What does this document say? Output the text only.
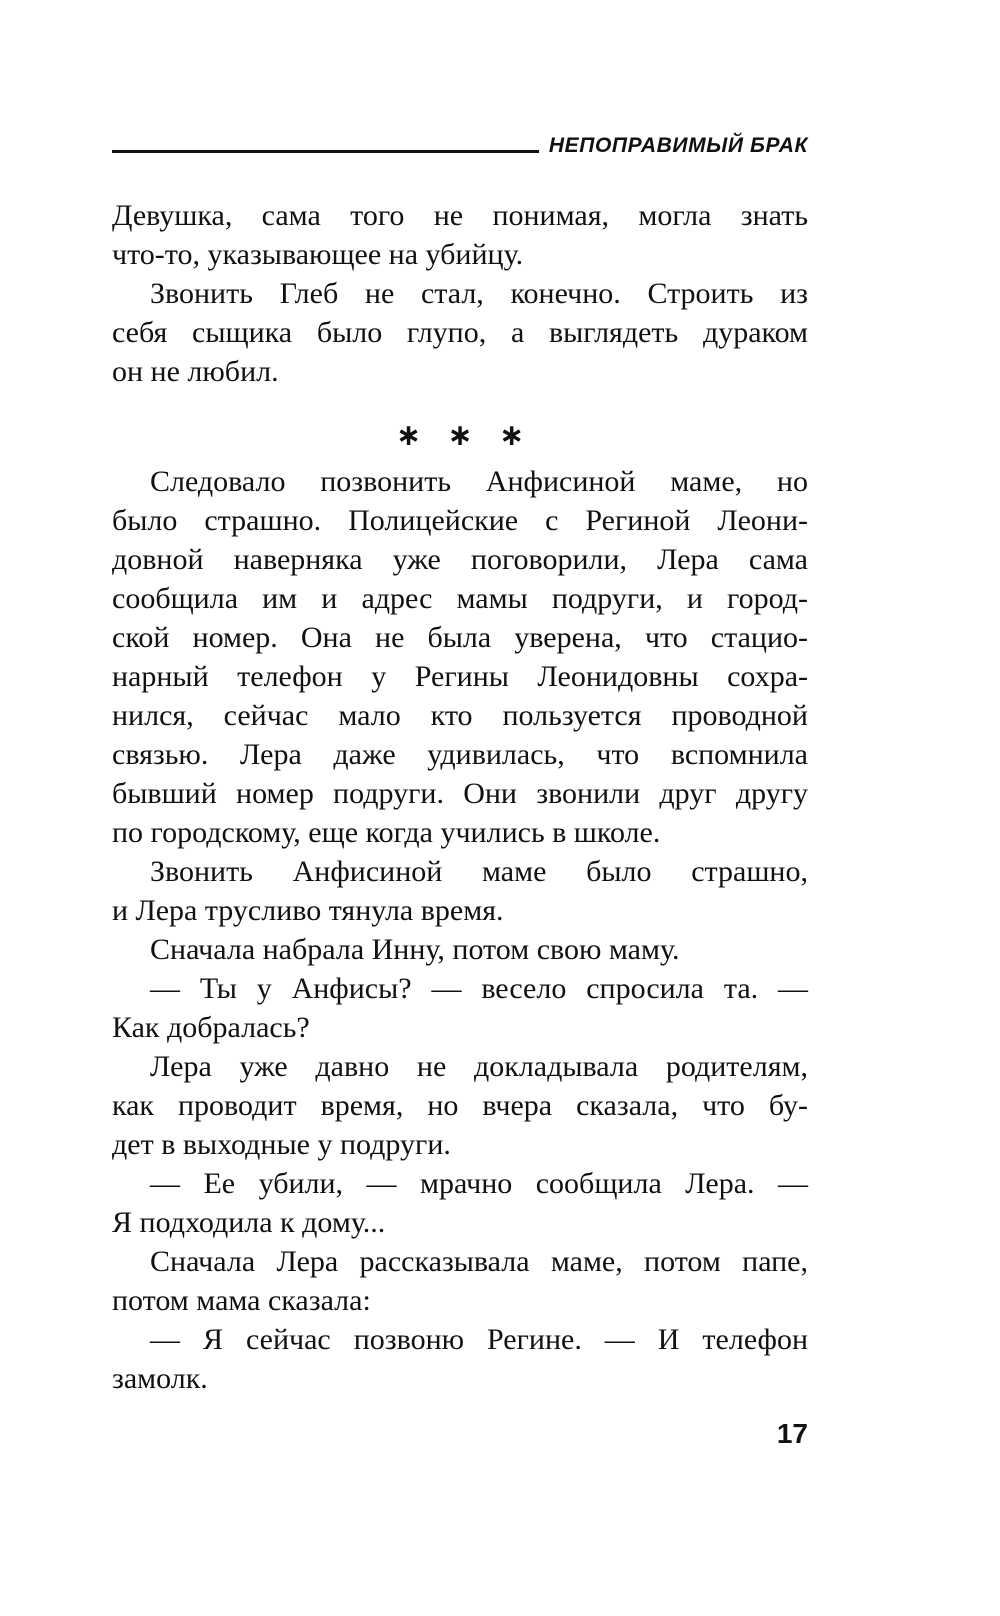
НЕПОПРАВИМЫЙ БРАК
Девушка, сама того не понимая, могла знать
что-то, указывающее на убийцу.
Звонить Глеб не стал, конечно. Строить из
себя сыщика было глупо, а выглядеть дураком
он не любил.
∗ ∗ ∗
Следовало позвонить Анфисиной маме, но
было страшно. Полицейские с Региной Леони-
довной наверняка уже поговорили, Лера сама
сообщила им и адрес мамы подруги, и город-
ской номер. Она не была уверена, что стацио-
нарный телефон у Регины Леонидовны сохра-
нился, сейчас мало кто пользуется проводной
связью. Лера даже удивилась, что вспомнила
бывший номер подруги. Они звонили друг другу
по городскому, еще когда учились в школе.
Звонить Анфисиной маме было страшно,
и Лера трусливо тянула время.
Сначала набрала Инну, потом свою маму.
— Ты у Анфисы? — весело спросила та. —
Как добралась?
Лера уже давно не докладывала родителям,
как проводит время, но вчера сказала, что бу-
дет в выходные у подруги.
— Ее убили, — мрачно сообщила Лера. —
Я подходила к дому...
Сначала Лера рассказывала маме, потом папе,
потом мама сказала:
— Я сейчас позвоню Регине. — И телефон
замолк.
17
